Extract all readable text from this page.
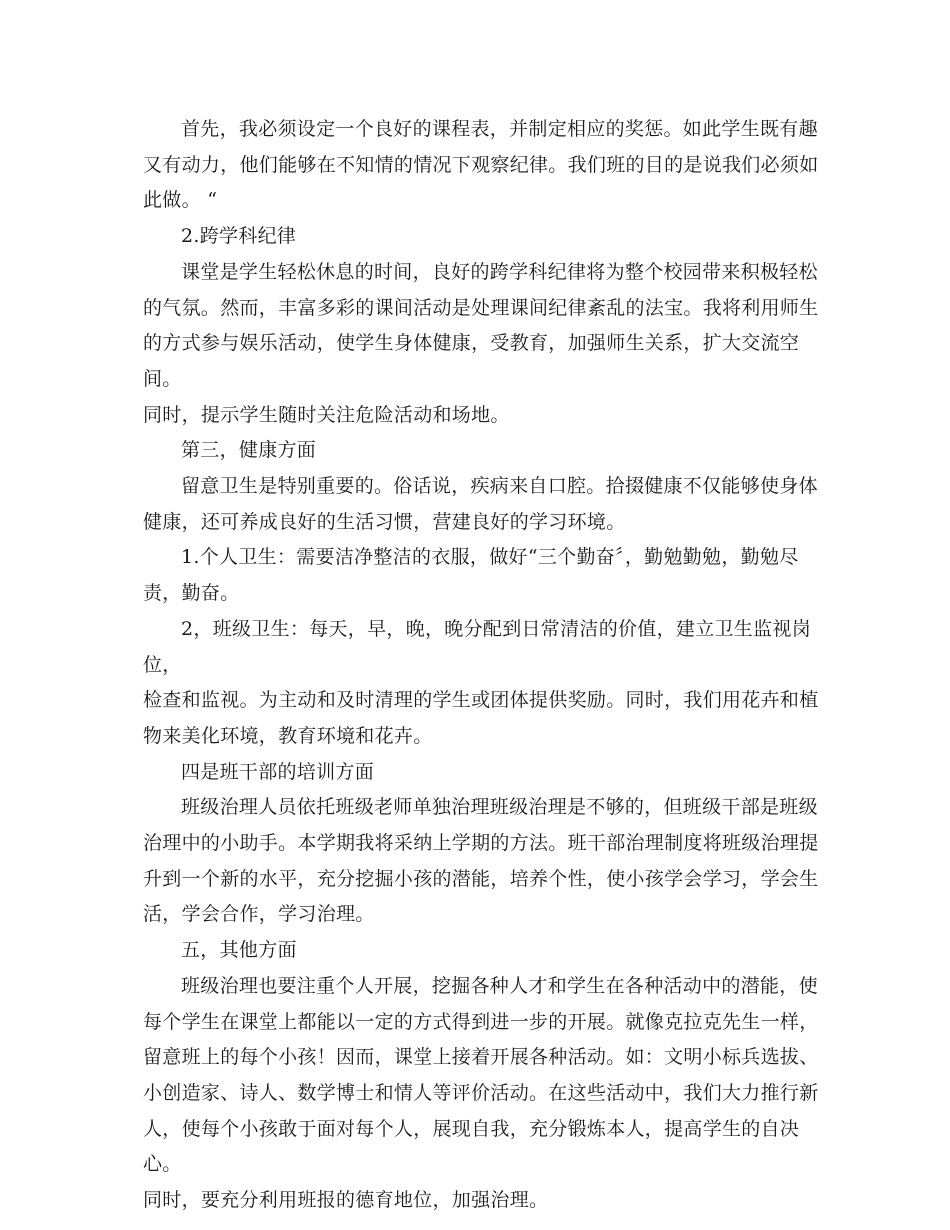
首先，我必须设定一个良好的课程表，并制定相应的奖惩。如此学生既有趣
又有动力，他们能够在不知情的情况下观察纪律。我们班的目的是说我们必须如
此做。 “

2.跨学科纪律

课堂是学生轻松休息的时间，良好的跨学科纪律将为整个校园带来积极轻松
的气氛。然而，丰富多彩的课间活动是处理课间纪律紊乱的法宝。我将利用师生
的方式参与娱乐活动，使学生身体健康，受教育，加强师生关系，扩大交流空间。
同时，提示学生随时关注危险活动和场地。

第三，健康方面

留意卫生是特别重要的。俗话说，疾病来自口腔。拾掇健康不仅能够使身体
健康，还可养成良好的生活习惯，营建良好的学习环境。

1.个人卫生：需要洁净整洁的衣服，做好“三个勤奋〞，勤勉勤勉，勤勉尽
责，勤奋。

2，班级卫生：每天，早，晚，晚分配到日常清洁的价值，建立卫生监视岗位，
检查和监视。为主动和及时清理的学生或团体提供奖励。同时，我们用花卉和植
物来美化环境，教育环境和花卉。

四是班干部的培训方面

班级治理人员依托班级老师单独治理班级治理是不够的，但班级干部是班级
治理中的小助手。本学期我将采纳上学期的方法。班干部治理制度将班级治理提
升到一个新的水平，充分挖掘小孩的潜能，培养个性，使小孩学会学习，学会生
活，学会合作，学习治理。

五，其他方面

班级治理也要注重个人开展，挖掘各种人才和学生在各种活动中的潜能，使
每个学生在课堂上都能以一定的方式得到进一步的开展。就像克拉克先生一样，
留意班上的每个小孩！因而，课堂上接着开展各种活动。如：文明小标兵选拔、
小创造家、诗人、数学博士和情人等评价活动。在这些活动中，我们大力推行新
人，使每个小孩敢于面对每个人，展现自我，充分锻炼本人，提高学生的自决心。
同时，要充分利用班报的德育地位，加强治理。
